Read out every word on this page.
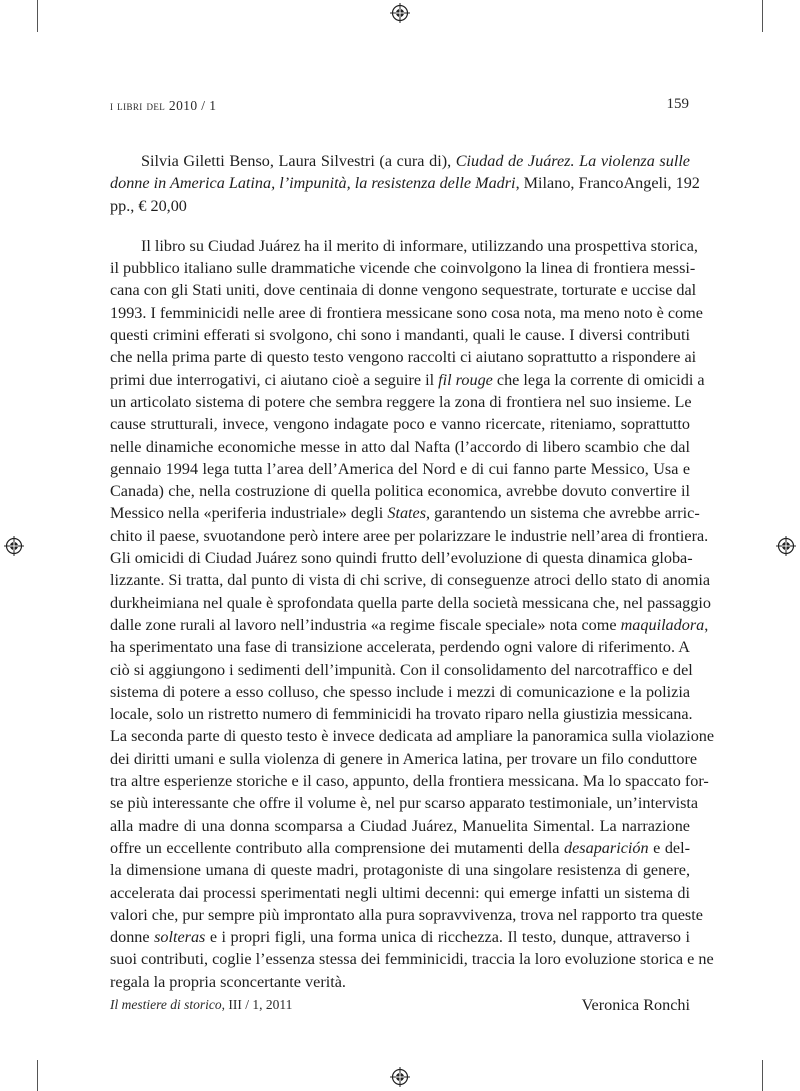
i libri del 2010 / 1	159
Silvia Giletti Benso, Laura Silvestri (a cura di), Ciudad de Juárez. La violenza sulle
donne in America Latina, l’impunità, la resistenza delle Madri, Milano, FrancoAngeli, 192
pp., € 20,00
Il libro su Ciudad Juárez ha il merito di informare, utilizzando una prospettiva storica,
il pubblico italiano sulle drammatiche vicende che coinvolgono la linea di frontiera messi-
cana con gli Stati uniti, dove centinaia di donne vengono sequestrate, torturate e uccise dal
1993. I femminicidi nelle aree di frontiera messicane sono cosa nota, ma meno noto è come
questi crimini efferati si svolgono, chi sono i mandanti, quali le cause. I diversi contributi
che nella prima parte di questo testo vengono raccolti ci aiutano soprattutto a rispondere ai
primi due interrogativi, ci aiutano cioè a seguire il fil rouge che lega la corrente di omicidi a
un articolato sistema di potere che sembra reggere la zona di frontiera nel suo insieme. Le
cause strutturali, invece, vengono indagate poco e vanno ricercate, riteniamo, soprattutto
nelle dinamiche economiche messe in atto dal Nafta (l’accordo di libero scambio che dal
gennaio 1994 lega tutta l’area dell’America del Nord e di cui fanno parte Messico, Usa e
Canada) che, nella costruzione di quella politica economica, avrebbe dovuto convertire il
Messico nella «periferia industriale» degli States, garantendo un sistema che avrebbe arric-
chito il paese, svuotandone però intere aree per polarizzare le industrie nell’area di frontiera.
Gli omicidi di Ciudad Juárez sono quindi frutto dell’evoluzione di questa dinamica globa-
lizzante. Si tratta, dal punto di vista di chi scrive, di conseguenze atroci dello stato di anomia
durkheimiana nel quale è sprofondata quella parte della società messicana che, nel passaggio
dalle zone rurali al lavoro nell’industria «a regime fiscale speciale» nota come maquiladora,
ha sperimentato una fase di transizione accelerata, perdendo ogni valore di riferimento. A
ciò si aggiungono i sedimenti dell’impunità. Con il consolidamento del narcotraffico e del
sistema di potere a esso colluso, che spesso include i mezzi di comunicazione e la polizia
locale, solo un ristretto numero di femminicidi ha trovato riparo nella giustizia messicana.
La seconda parte di questo testo è invece dedicata ad ampliare la panoramica sulla violazione
dei diritti umani e sulla violenza di genere in America latina, per trovare un filo conduttore
tra altre esperienze storiche e il caso, appunto, della frontiera messicana. Ma lo spaccato for-
se più interessante che offre il volume è, nel pur scarso apparato testimoniale, un’intervista
alla madre di una donna scomparsa a Ciudad Juárez, Manuelita Simental. La narrazione
offre un eccellente contributo alla comprensione dei mutamenti della desaparición e del-
la dimensione umana di queste madri, protagoniste di una singolare resistenza di genere,
accelerata dai processi sperimentati negli ultimi decenni: qui emerge infatti un sistema di
valori che, pur sempre più improntato alla pura sopravvivenza, trova nel rapporto tra queste
donne solteras e i propri figli, una forma unica di ricchezza. Il testo, dunque, attraverso i
suoi contributi, coglie l’essenza stessa dei femminicidi, traccia la loro evoluzione storica e ne
regala la propria sconcertante verità.
Veronica Ronchi
Il mestiere di storico, III / 1, 2011
